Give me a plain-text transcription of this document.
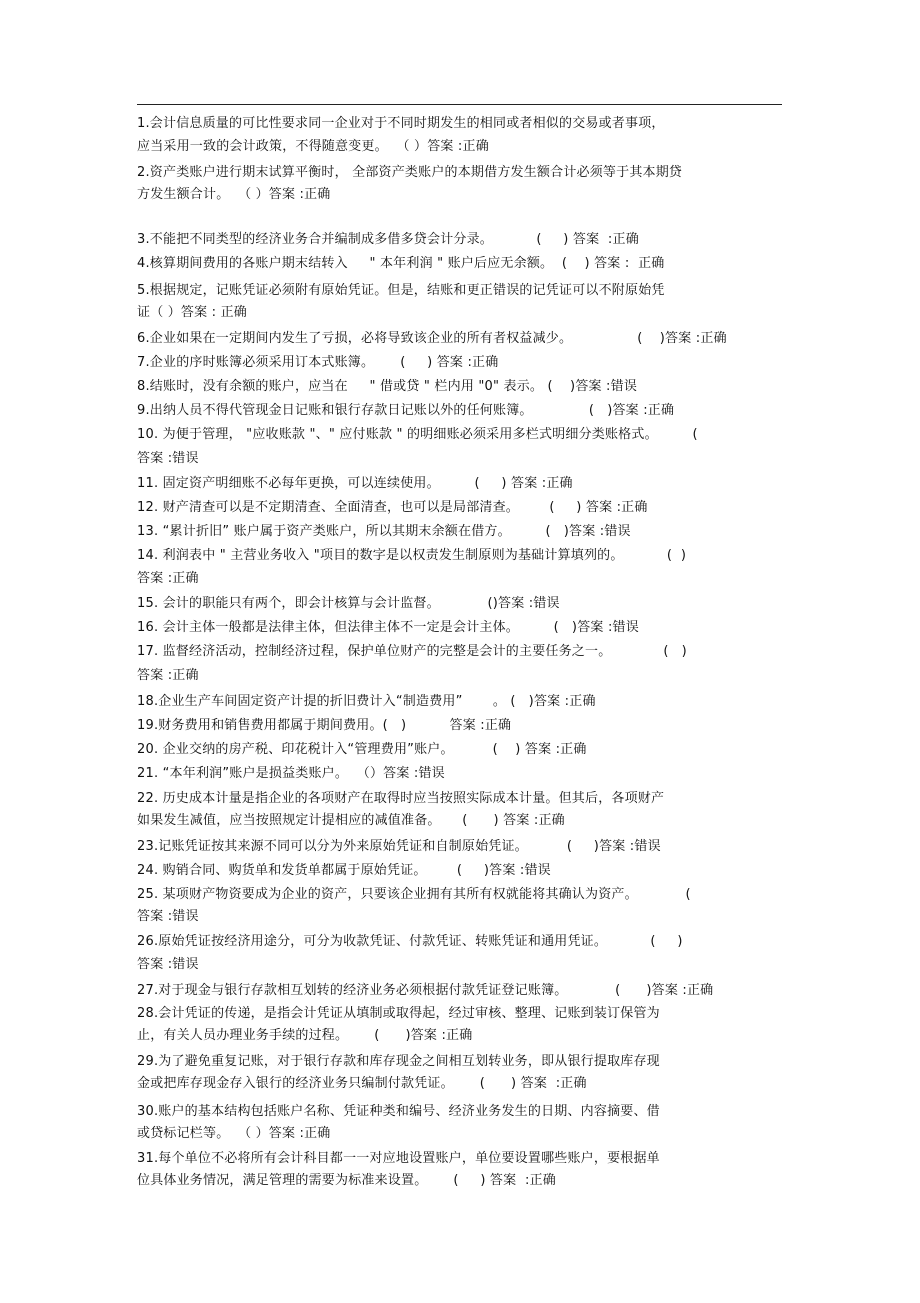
1.会计信息质量的可比性要求同一企业对于不同时期发生的相同或者相似的交易或者事项，
应当采用一致的会计政策，不得随意变更。  （ ）答案 :正确
2.资产类账户进行期末试算平衡时， 全部资产类账户的本期借方发生额合计必须等于其本期贷
方发生额合计。  （ ）答案 :正确
3.不能把不同类型的经济业务合并编制成多借多贷会计分录。          (     ) 答案  :正确
4.核算期间费用的各账户期末结转入     " 本年利润 " 账户后应无余额。  (    ) 答案 :  正确
5.根据规定，记账凭证必须附有原始凭证。但是，结账和更正错误的记凭证可以不附原始凭
证（ ）答案 : 正确
6.企业如果在一定期间内发生了亏损，必将导致该企业的所有者权益减少。               (    )答案 :正确
7.企业的序时账簿必须采用订本式账簿。      (     ) 答案 :正确
8.结账时，没有余额的账户，应当在     " 借或贷 " 栏内用 "0" 表示。 (    )答案 :错误
9.出纳人员不得代管现金日记账和银行存款日记账以外的任何账簿。             (   )答案 :正确
10. 为便于管理， "应收账款 "、" 应付账款 " 的明细账必须采用多栏式明细分类账格式。        (
答案 :错误
11. 固定资产明细账不必每年更换，可以连续使用。        (     ) 答案 :正确
12. 财产清查可以是不定期清查、全面清查，也可以是局部清查。       (     ) 答案 :正确
13. “累计折旧” 账户属于资产类账户，所以其期末余额在借方。        (   )答案 :错误
14. 利润表中 " 主营业务收入 "项目的数字是以权责发生制原则为基础计算填列的。          (  )
答案 :正确
15. 会计的职能只有两个，即会计核算与会计监督。           ()答案 :错误
16. 会计主体一般都是法律主体，但法律主体不一定是会计主体。        (   )答案 :错误
17. 监督经济活动，控制经济过程，保护单位财产的完整是会计的主要任务之一。            (   )
答案 :正确
18.企业生产车间固定资产计提的折旧费计入“制造费用”       。 (   )答案 :正确
19.财务费用和销售费用都属于期间费用。(   )          答案 :正确
20. 企业交纳的房产税、印花税计入“管理费用”账户。         (    ) 答案 :正确
21. “本年利润”账户是损益类账户。  （）答案 :错误
22. 历史成本计量是指企业的各项财产在取得时应当按照实际成本计量。但其后，各项财产
如果发生减值，应当按照规定计提相应的减值准备。     (      ) 答案 :正确
23.记账凭证按其来源不同可以分为外来原始凭证和自制原始凭证。         (     )答案 :错误
24. 购销合同、购货单和发货单都属于原始凭证。       (     )答案 :错误
25. 某项财产物资要成为企业的资产，只要该企业拥有其所有权就能将其确认为资产。           (
答案 :错误
26.原始凭证按经济用途分，可分为收款凭证、付款凭证、转账凭证和通用凭证。          (     )
答案 :错误
27.对于现金与银行存款相互划转的经济业务必须根据付款凭证登记账簿。           (      )答案 :正确
28.会计凭证的传递，是指会计凭证从填制或取得起，经过审核、整理、记账到装订保管为
止，有关人员办理业务手续的过程。      (      )答案 :正确
29.为了避免重复记账，对于银行存款和库存现金之间相互划转业务，即从银行提取库存现
金或把库存现金存入银行的经济业务只编制付款凭证。      (      ) 答案  :正确
30.账户的基本结构包括账户名称、凭证种类和编号、经济业务发生的日期、内容摘要、借
或贷标记栏等。  （ ）答案 :正确
31.每个单位不必将所有会计科目都一一对应地设置账户，单位要设置哪些账户，要根据单
位具体业务情况，满足管理的需要为标准来设置。      (     ) 答案  :正确
